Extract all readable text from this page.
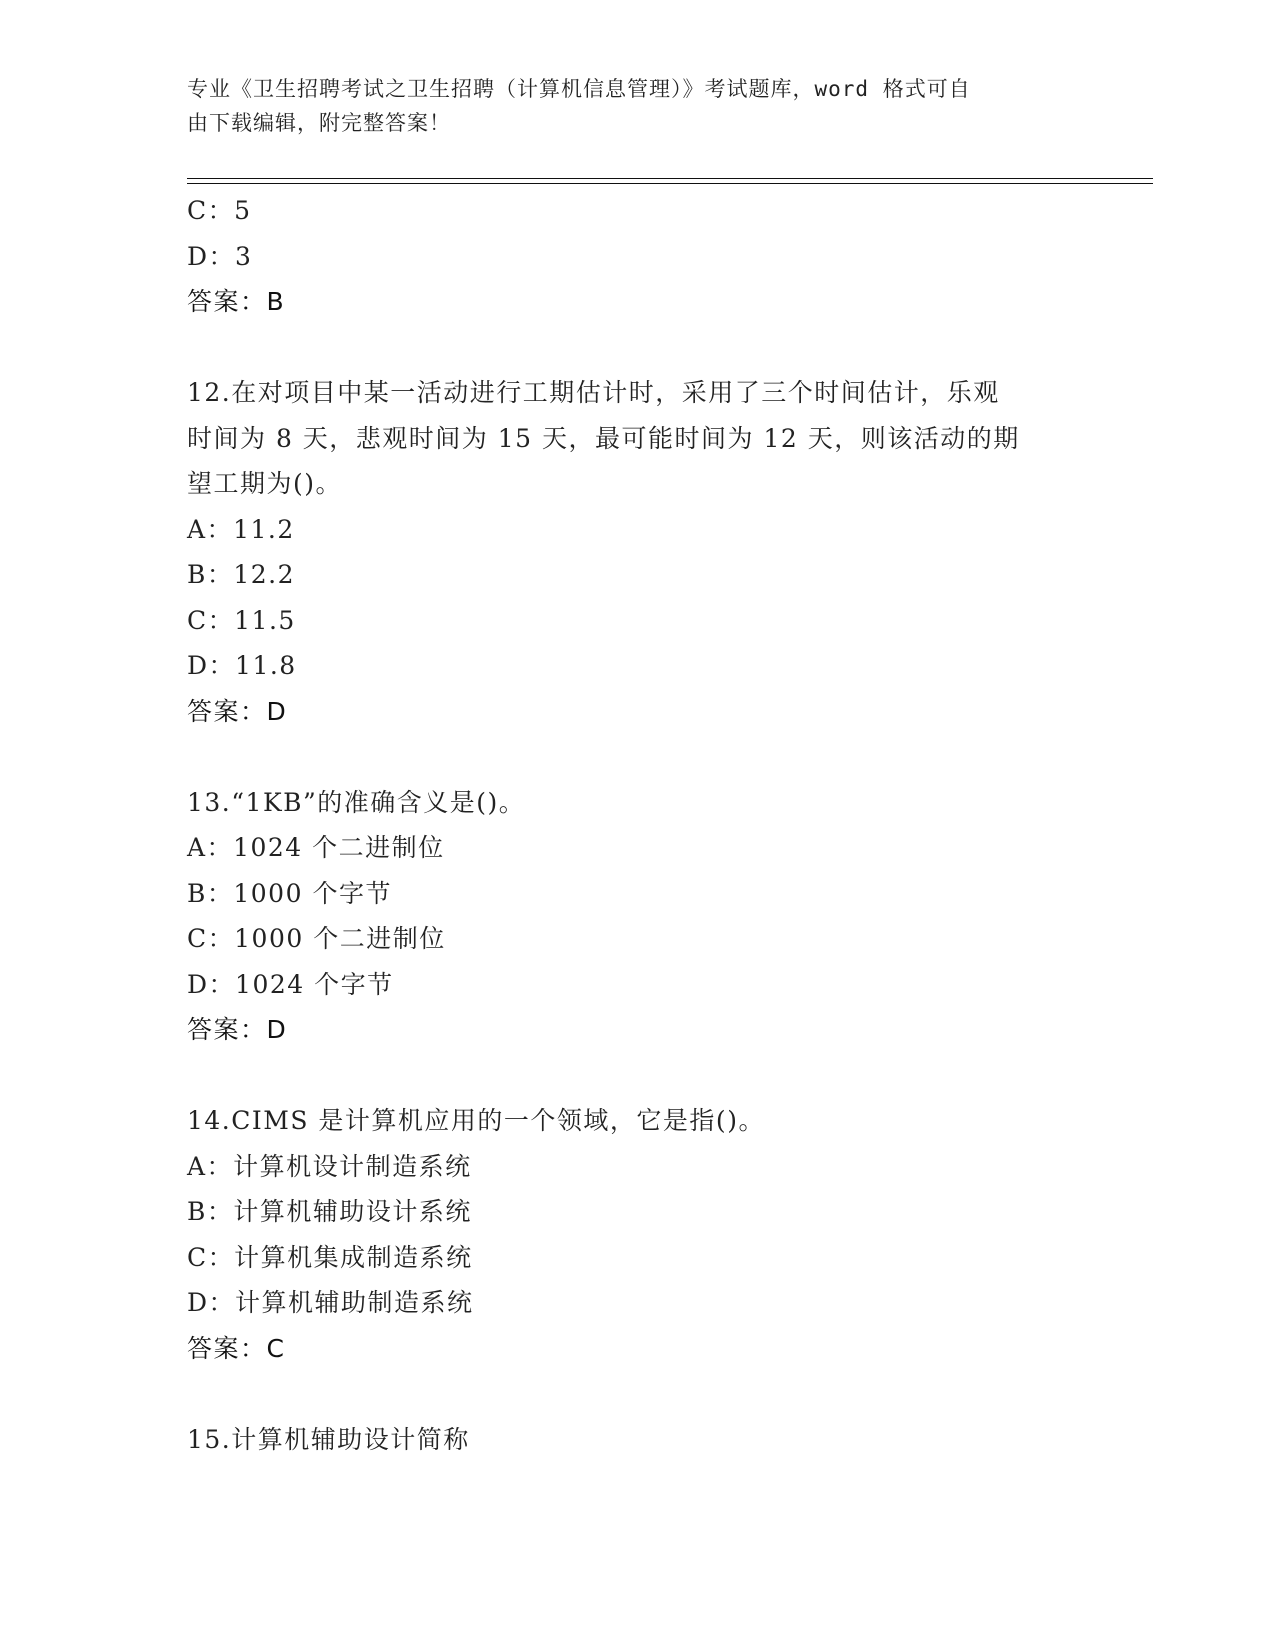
专业《卫生招聘考试之卫生招聘（计算机信息管理）》考试题库，word 格式可自
由下载编辑，附完整答案！
C：5
D：3
答案：B
12.在对项目中某一活动进行工期估计时，采用了三个时间估计，乐观
时间为 8 天，悲观时间为 15 天，最可能时间为 12 天，则该活动的期
望工期为()。
A：11.2
B：12.2
C：11.5
D：11.8
答案：D
13.“1KB”的准确含义是()。
A：1024 个二进制位
B：1000 个字节
C：1000 个二进制位
D：1024 个字节
答案：D
14.CIMS 是计算机应用的一个领域，它是指()。
A：计算机设计制造系统
B：计算机辅助设计系统
C：计算机集成制造系统
D：计算机辅助制造系统
答案：C
15.计算机辅助设计简称
